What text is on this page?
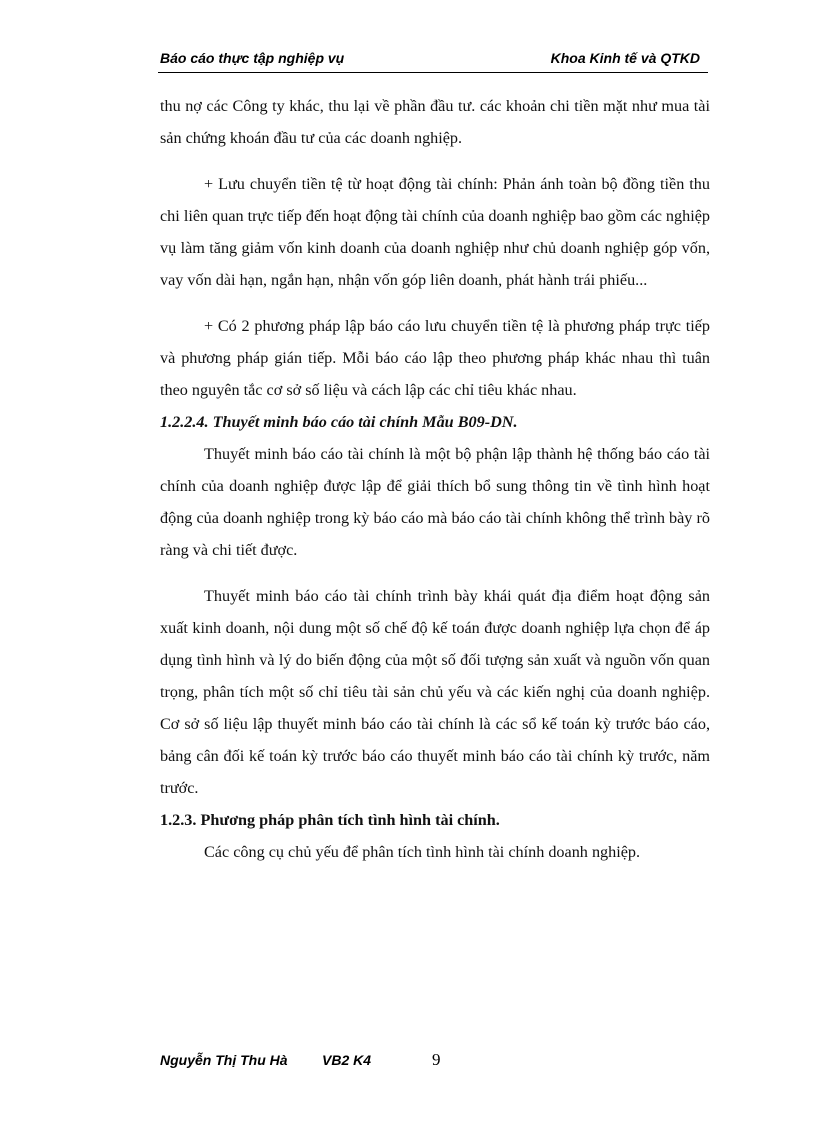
Báo cáo thực tập nghiệp vụ	Khoa Kinh tế và QTKD

thu nợ các Công ty khác, thu lại về phần đầu tư. các khoản chi tiền mặt như mua tài sản chứng khoán đầu tư của các doanh nghiệp.

+ Lưu chuyển tiền tệ từ hoạt động tài chính: Phản ánh toàn bộ đồng tiền thu chi liên quan trực tiếp đến hoạt động tài chính của doanh nghiệp bao gồm các nghiệp vụ làm tăng giảm vốn kinh doanh của doanh nghiệp như chủ doanh nghiệp góp vốn, vay vốn dài hạn, ngắn hạn, nhận vốn góp liên doanh, phát hành trái phiếu...

+ Có 2 phương pháp lập báo cáo lưu chuyển tiền tệ là phương pháp trực tiếp và phương pháp gián tiếp. Mỗi báo cáo lập theo phương pháp khác nhau thì tuân theo nguyên tắc cơ sở số liệu và cách lập các chỉ tiêu khác nhau.

1.2.2.4. Thuyết minh báo cáo tài chính Mẫu B09-DN.

Thuyết minh báo cáo tài chính là một bộ phận lập thành hệ thống báo cáo tài chính của doanh nghiệp được lập để giải thích bổ sung thông tin về tình hình hoạt động của doanh nghiệp trong kỳ báo cáo mà báo cáo tài chính không thể trình bày rõ ràng và chi tiết được.

Thuyết minh báo cáo tài chính trình bày khái quát địa điểm hoạt động sản xuất kinh doanh, nội dung một số chế độ kế toán được doanh nghiệp lựa chọn để áp dụng tình hình và lý do biến động của một số đối tượng sản xuất và nguồn vốn quan trọng, phân tích một số chỉ tiêu tài sản chủ yếu và các kiến nghị của doanh nghiệp. Cơ sở số liệu lập thuyết minh báo cáo tài chính là các sổ kế toán kỳ trước báo cáo, bảng cân đối kế toán kỳ trước báo cáo thuyết minh báo cáo tài chính kỳ trước, năm trước.

1.2.3. Phương pháp phân tích tình hình tài chính.

Các công cụ chủ yếu để phân tích tình hình tài chính doanh nghiệp.

Nguyễn Thị Thu Hà VB2 K4	9
